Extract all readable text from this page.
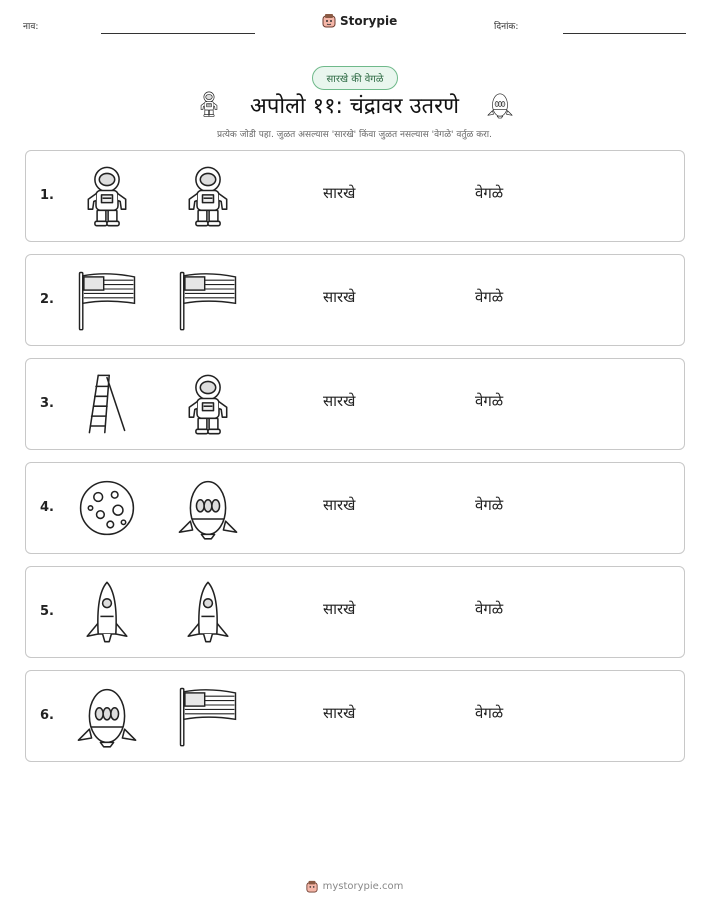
नाव:	Storypie	दिनांक:
सारखे की वेगळे
अपोलो ११: चंद्रावर उतरणे
प्रत्येक जोडी पहा. जुळत असल्यास 'सारखे' किंवा जुळत नसल्यास 'वेगळे' वर्तुळ करा.
1.	सारखे	वेगळे
2.	सारखे	वेगळे
3.	सारखे	वेगळे
4.	सारखे	वेगळे
5.	सारखे	वेगळे
6.	सारखे	वेगळे
mystorypie.com
